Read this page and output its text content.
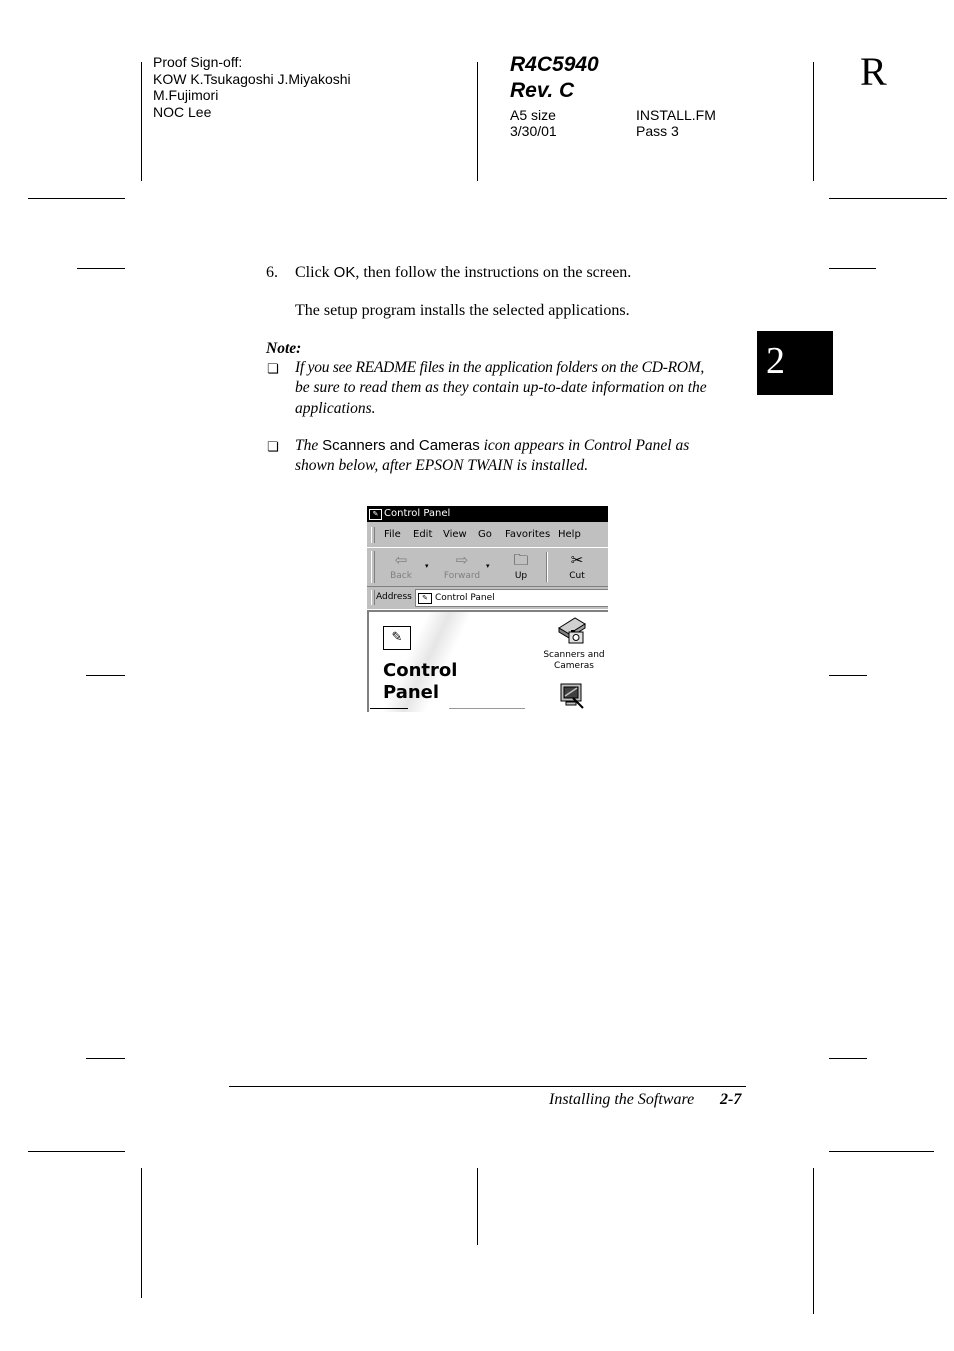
Proof Sign-off:
KOW K.Tsukagoshi J.Miyakoshi
M.Fujimori
NOC Lee
R4C5940
Rev. C
A5 size
3/30/01
INSTALL.FM
Pass 3
R
2
6. Click OK, then follow the instructions on the screen.
The setup program installs the selected applications.
Note:
❏ If you see README files in the application folders on the CD-ROM,
be sure to read them as they contain up-to-date information on the
applications.
❏ The Scanners and Cameras icon appears in Control Panel as
shown below, after EPSON TWAIN is installed.
✎ Control Panel
File Edit View Go Favorites Help
⇦
Back
▾	⇨
Forward
▾	🗀
Up
✂
Cut
Address	✎ Control Panel
✎
Control
Panel
Scanners and
Cameras
Installing the Software 2-7
